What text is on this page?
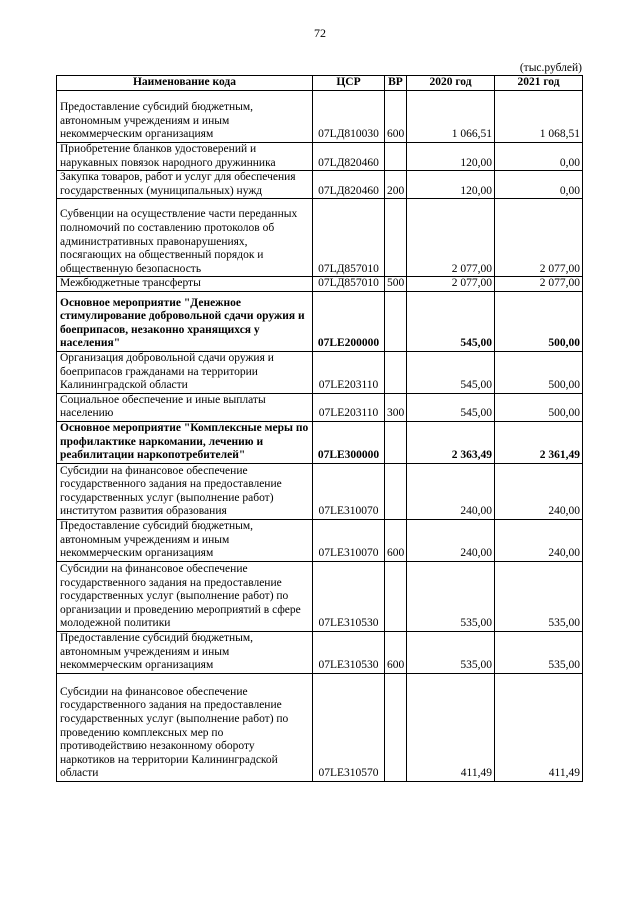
72
(тыс.рублей)
Наименование кода	ЦСР	ВР	2020 год	2021 год
Предоставление субсидий бюджетным, автономным учреждениям и иным некоммерческим организациям	07LД810030	600	1 066,51	1 068,51
Приобретение бланков удостоверений и нарукавных повязок народного дружинника	07LД820460		120,00	0,00
Закупка товаров, работ и услуг для обеспечения государственных (муниципальных) нужд	07LД820460	200	120,00	0,00
Субвенции на осуществление части переданных полномочий по составлению протоколов об административных правонарушениях, посягающих на общественный порядок и общественную безопасность	07LД857010		2 077,00	2 077,00
Межбюджетные трансферты	07LД857010	500	2 077,00	2 077,00
Основное мероприятие "Денежное стимулирование добровольной сдачи оружия и боеприпасов, незаконно хранящихся у населения"	07LE200000		545,00	500,00
Организация добровольной сдачи оружия и боеприпасов гражданами на территории Калининградской области	07LE203110		545,00	500,00
Социальное обеспечение и иные выплаты населению	07LE203110	300	545,00	500,00
Основное мероприятие "Комплексные меры по профилактике наркомании, лечению и реабилитации наркопотребителей"	07LE300000		2 363,49	2 361,49
Субсидии на финансовое обеспечение государственного задания на предоставление государственных услуг (выполнение работ) институтом развития образования	07LE310070		240,00	240,00
Предоставление субсидий бюджетным, автономным учреждениям и иным некоммерческим организациям	07LE310070	600	240,00	240,00
Субсидии на финансовое обеспечение государственного задания на предоставление государственных услуг (выполнение работ) по организации и проведению мероприятий в сфере молодежной политики	07LE310530		535,00	535,00
Предоставление субсидий бюджетным, автономным учреждениям и иным некоммерческим организациям	07LE310530	600	535,00	535,00
Субсидии на финансовое обеспечение государственного задания на предоставление государственных услуг (выполнение работ) по проведению комплексных мер по противодействию незаконному обороту наркотиков на территории Калининградской области	07LE310570		411,49	411,49
